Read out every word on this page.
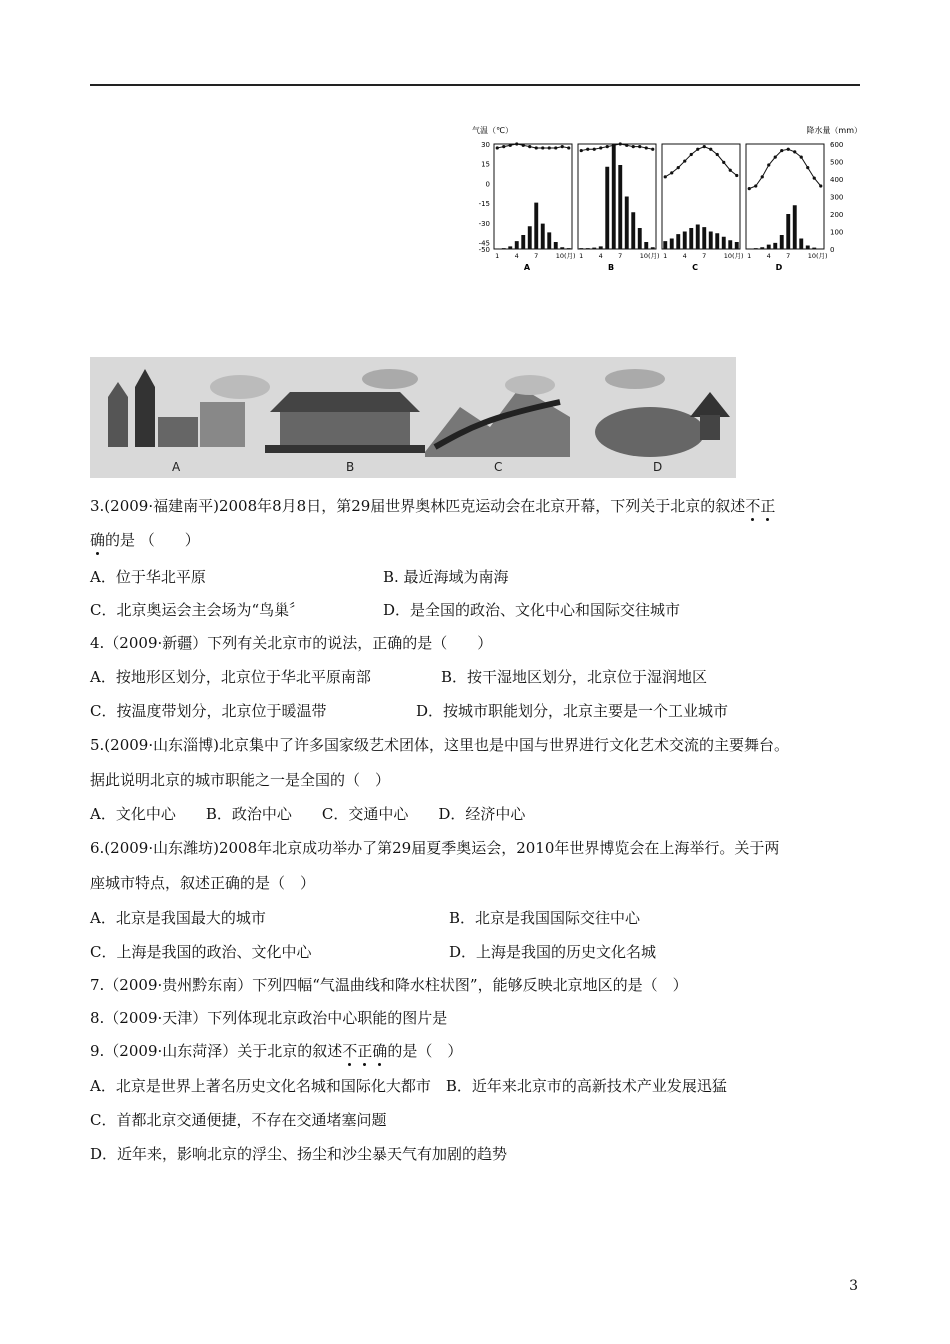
气温（℃）	降水量（mm）
30
15
0
-15
-30
-45
-50
600
500
400
300
200
100
0
1 4 7	10(月)
A
1 4 7	10(月)
B
1 4 7	10(月)
C
1 4 7	10(月)
D
A	B	C	D
3.(2009·福建南平)2008年8月8日，第29届世界奥林匹克运动会在北京开幕，下列关于北京的叙述不正
确的是 （　　）
A．位于华北平原	B. 最近海域为南海
C．北京奥运会主会场为“鸟巢〞	D．是全国的政治、文化中心和国际交往城市
4.（2009·新疆）下列有关北京市的说法，正确的是（　　）
A．按地形区划分，北京位于华北平原南部	B．按干湿地区划分，北京位于湿润地区
C．按温度带划分，北京位于暖温带	D．按城市职能划分，北京主要是一个工业城市
5.(2009·山东淄博)北京集中了许多国家级艺术团体，这里也是中国与世界进行文化艺术交流的主要舞台。
据此说明北京的城市职能之一是全国的（　）
A．文化中心　　B．政治中心　　C．交通中心　　D．经济中心
6.(2009·山东潍坊)2008年北京成功举办了第29届夏季奥运会，2010年世界博览会在上海举行。关于两
座城市特点，叙述正确的是（　）
A．北京是我国最大的城市	B．北京是我国国际交往中心
C．上海是我国的政治、文化中心	D．上海是我国的历史文化名城
7.（2009·贵州黔东南）下列四幅“气温曲线和降水柱状图”，能够反映北京地区的是（　）
8.（2009·天津）下列体现北京政治中心职能的图片是
9.（2009·山东菏泽）关于北京的叙述不正确的是（　）
A．北京是世界上著名历史文化名城和国际化大都市　B．近年来北京市的高新技术产业发展迅猛
C．首都北京交通便捷，不存在交通堵塞问题
D．近年来，影响北京的浮尘、扬尘和沙尘暴天气有加剧的趋势
3
